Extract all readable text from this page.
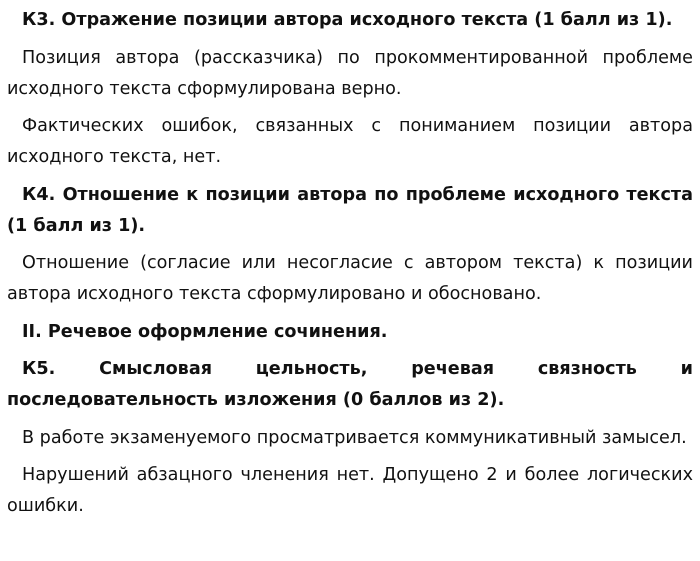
К3. Отражение позиции автора исходного текста (1 балл из 1).

Позиция автора (рассказчика) по прокомментированной проблеме исходного текста сформулирована верно.

Фактических ошибок, связанных с пониманием позиции автора исходного текста, нет.

К4. Отношение к позиции автора по проблеме исходного текста (1 балл из 1).

Отношение (согласие или несогласие с автором текста) к позиции автора исходного текста сформулировано и обосновано.

II. Речевое оформление сочинения.

К5. Смысловая цельность, речевая связность и последовательность изложения (0 баллов из 2).

В работе экзаменуемого просматривается коммуникативный замысел.

Нарушений абзацного членения нет. Допущено 2 и более логических ошибки.
